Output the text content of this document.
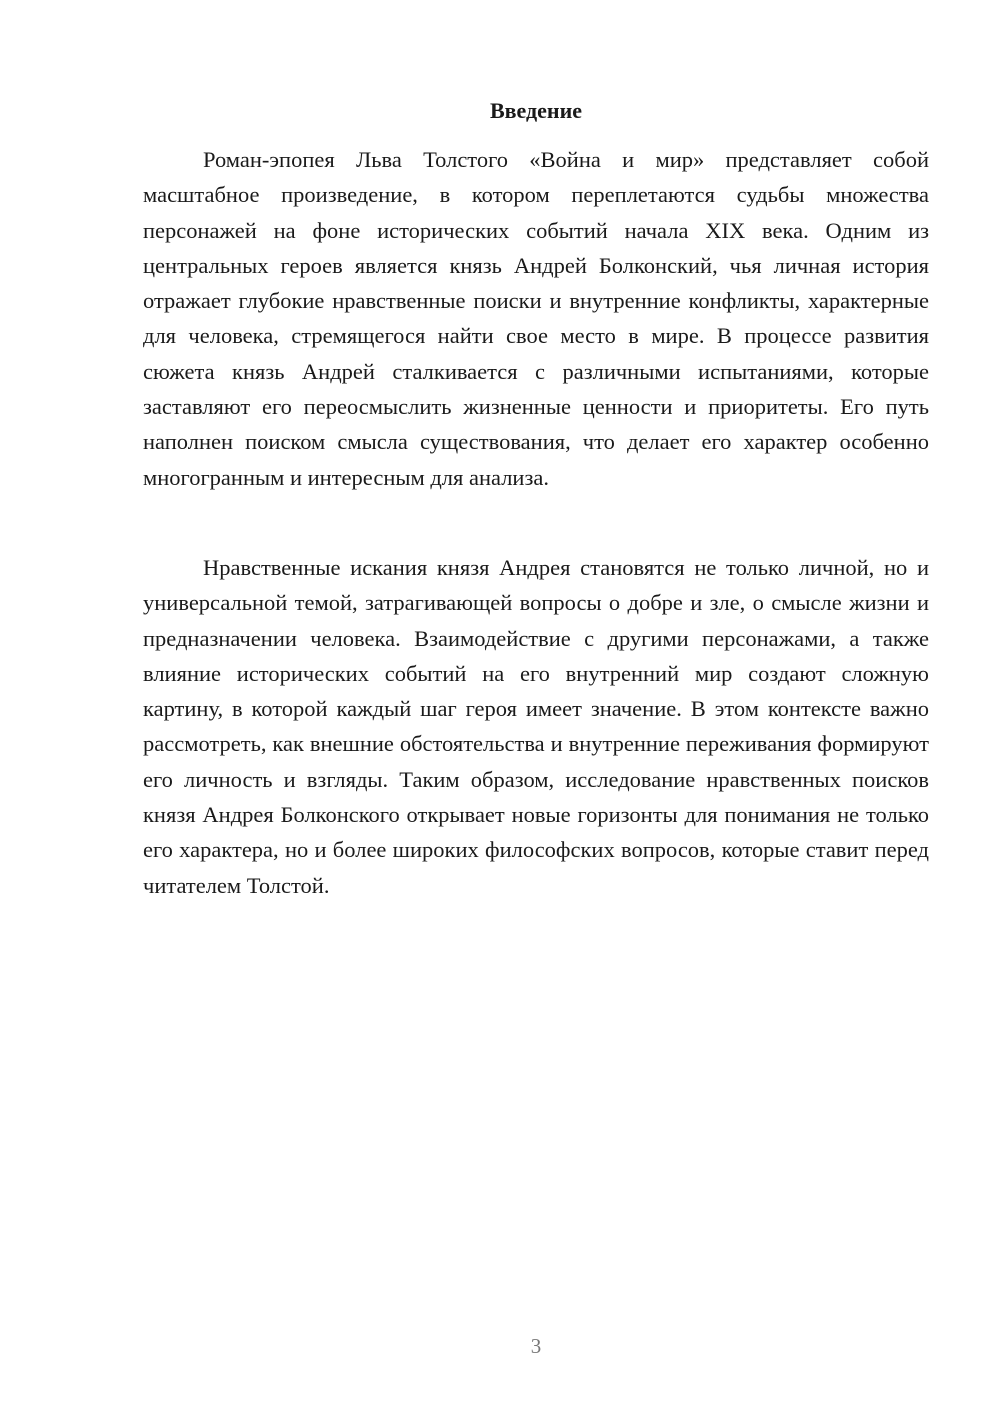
Введение

Роман-эпопея Льва Толстого «Война и мир» представляет собой масштабное произведение, в котором переплетаются судьбы множества персонажей на фоне исторических событий начала XIX века. Одним из центральных героев является князь Андрей Болконский, чья личная история отражает глубокие нравственные поиски и внутренние конфликты, характерные для человека, стремящегося найти свое место в мире. В процессе развития сюжета князь Андрей сталкивается с различными испытаниями, которые заставляют его переосмыслить жизненные ценности и приоритеты. Его путь наполнен поиском смысла существования, что делает его характер особенно многогранным и интересным для анализа.

Нравственные искания князя Андрея становятся не только личной, но и универсальной темой, затрагивающей вопросы о добре и зле, о смысле жизни и предназначении человека. Взаимодействие с другими персонажами, а также влияние исторических событий на его внутренний мир создают сложную картину, в которой каждый шаг героя имеет значение. В этом контексте важно рассмотреть, как внешние обстоятельства и внутренние переживания формируют его личность и взгляды. Таким образом, исследование нравственных поисков князя Андрея Болконского открывает новые горизонты для понимания не только его характера, но и более широких философских вопросов, которые ставит перед читателем Толстой.

3
